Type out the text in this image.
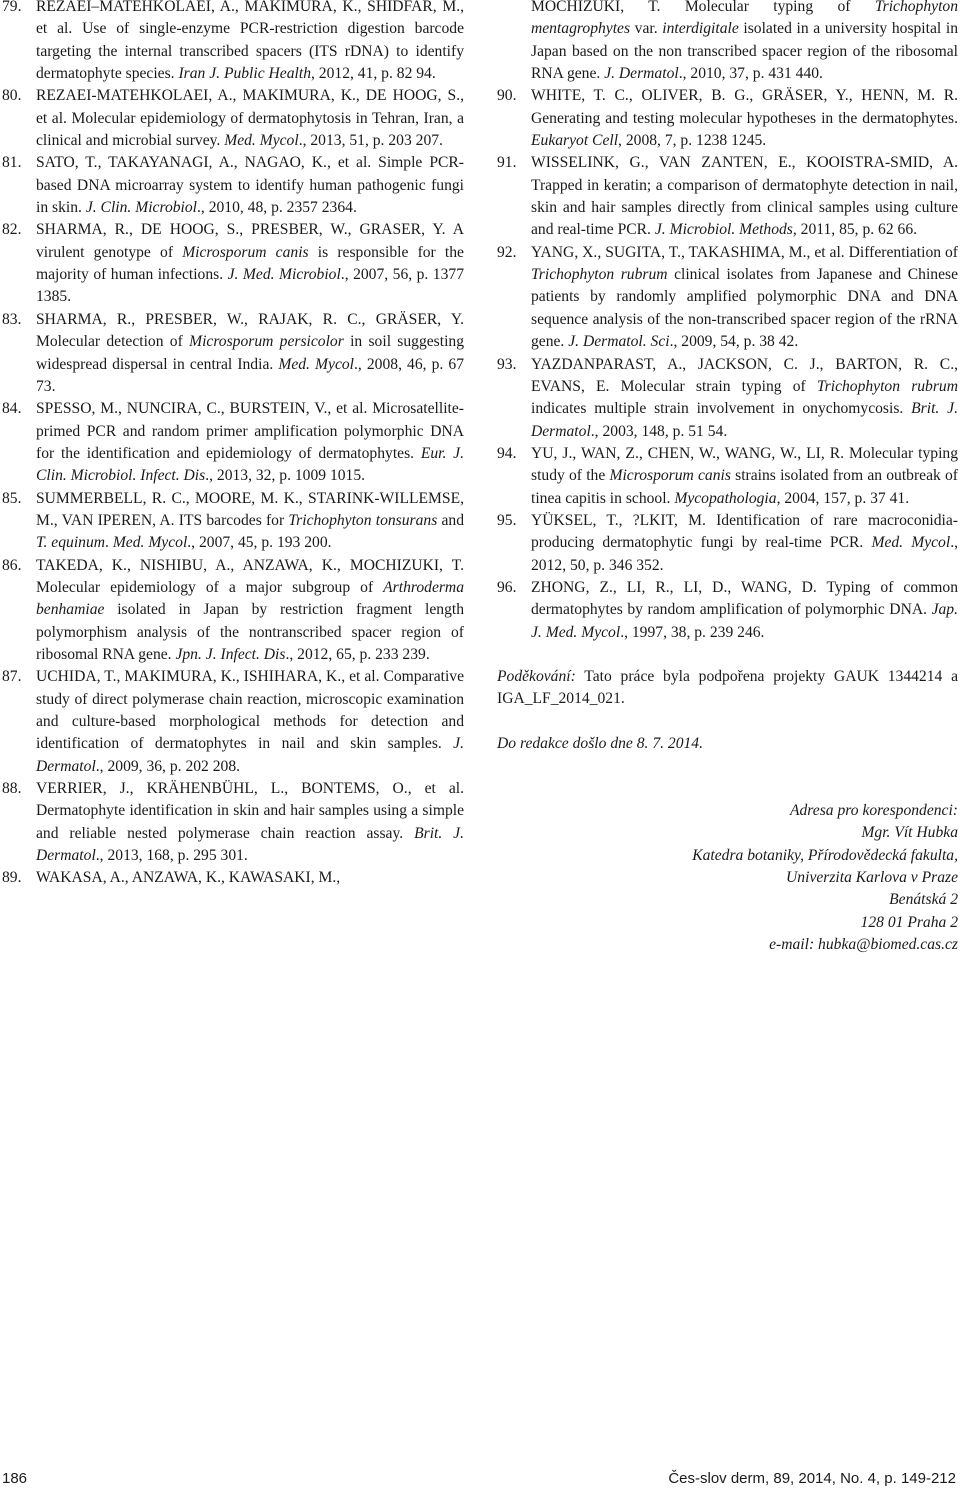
79. REZAEI–MATEHKOLAEI, A., MAKIMURA, K., SHIDFAR, M., et al. Use of single-enzyme PCR-restriction digestion barcode targeting the internal transcribed spacers (ITS rDNA) to identify dermatophyte species. Iran J. Public Health, 2012, 41, p. 82 94.
80. REZAEI-MATEHKOLAEI, A., MAKIMURA, K., DE HOOG, S., et al. Molecular epidemiology of dermatophytosis in Tehran, Iran, a clinical and microbial survey. Med. Mycol., 2013, 51, p. 203 207.
81. SATO, T., TAKAYANAGI, A., NAGAO, K., et al. Simple PCR-based DNA microarray system to identify human pathogenic fungi in skin. J. Clin. Microbiol., 2010, 48, p. 2357 2364.
82. SHARMA, R., DE HOOG, S., PRESBER, W., GRASER, Y. A virulent genotype of Microsporum canis is responsible for the majority of human infections. J. Med. Microbiol., 2007, 56, p. 1377 1385.
83. SHARMA, R., PRESBER, W., RAJAK, R. C., GRÄSER, Y. Molecular detection of Microsporum persicolor in soil suggesting widespread dispersal in central India. Med. Mycol., 2008, 46, p. 67 73.
84. SPESSO, M., NUNCIRA, C., BURSTEIN, V., et al. Microsatellite-primed PCR and random primer amplification polymorphic DNA for the identification and epidemiology of dermatophytes. Eur. J. Clin. Microbiol. Infect. Dis., 2013, 32, p. 1009 1015.
85. SUMMERBELL, R. C., MOORE, M. K., STARINK-WILLEMSE, M., VAN IPEREN, A. ITS barcodes for Trichophyton tonsurans and T. equinum. Med. Mycol., 2007, 45, p. 193 200.
86. TAKEDA, K., NISHIBU, A., ANZAWA, K., MOCHIZUKI, T. Molecular epidemiology of a major subgroup of Arthroderma benhamiae isolated in Japan by restriction fragment length polymorphism analysis of the nontranscribed spacer region of ribosomal RNA gene. Jpn. J. Infect. Dis., 2012, 65, p. 233 239.
87. UCHIDA, T., MAKIMURA, K., ISHIHARA, K., et al. Comparative study of direct polymerase chain reaction, microscopic examination and culture-based morphological methods for detection and identification of dermatophytes in nail and skin samples. J. Dermatol., 2009, 36, p. 202 208.
88. VERRIER, J., KRÄHENBÜHL, L., BONTEMS, O., et al. Dermatophyte identification in skin and hair samples using a simple and reliable nested polymerase chain reaction assay. Brit. J. Dermatol., 2013, 168, p. 295 301.
89. WAKASA, A., ANZAWA, K., KAWASAKI, M.,
MOCHIZUKI, T. Molecular typing of Trichophyton mentagrophytes var. interdigitale isolated in a university hospital in Japan based on the non transcribed spacer region of the ribosomal RNA gene. J. Dermatol., 2010, 37, p. 431 440.
90. WHITE, T. C., OLIVER, B. G., GRÄSER, Y., HENN, M. R. Generating and testing molecular hypotheses in the dermatophytes. Eukaryot Cell, 2008, 7, p. 1238 1245.
91. WISSELINK, G., VAN ZANTEN, E., KOOISTRA-SMID, A. Trapped in keratin; a comparison of dermatophyte detection in nail, skin and hair samples directly from clinical samples using culture and real-time PCR. J. Microbiol. Methods, 2011, 85, p. 62 66.
92. YANG, X., SUGITA, T., TAKASHIMA, M., et al. Differentiation of Trichophyton rubrum clinical isolates from Japanese and Chinese patients by randomly amplified polymorphic DNA and DNA sequence analysis of the non-transcribed spacer region of the rRNA gene. J. Dermatol. Sci., 2009, 54, p. 38 42.
93. YAZDANPARAST, A., JACKSON, C. J., BARTON, R. C., EVANS, E. Molecular strain typing of Trichophyton rubrum indicates multiple strain involvement in onychomycosis. Brit. J. Dermatol., 2003, 148, p. 51 54.
94. YU, J., WAN, Z., CHEN, W., WANG, W., LI, R. Molecular typing study of the Microsporum canis strains isolated from an outbreak of tinea capitis in school. Mycopathologia, 2004, 157, p. 37 41.
95. YÜKSEL, T., ?LKIT, M. Identification of rare macroconidia-producing dermatophytic fungi by real-time PCR. Med. Mycol., 2012, 50, p. 346 352.
96. ZHONG, Z., LI, R., LI, D., WANG, D. Typing of common dermatophytes by random amplification of polymorphic DNA. Jap. J. Med. Mycol., 1997, 38, p. 239 246.
Poděkování: Tato práce byla podpořena projekty GAUK 1344214 a IGA_LF_2014_021.
Do redakce došlo dne 8. 7. 2014.
Adresa pro korespondenci:
Mgr. Vít Hubka
Katedra botaniky, Přírodovědecká fakulta,
Univerzita Karlova v Praze
Benátská 2
128 01 Praha 2
e-mail: hubka@biomed.cas.cz
186	Čes-slov derm, 89, 2014, No. 4, p. 149-212
